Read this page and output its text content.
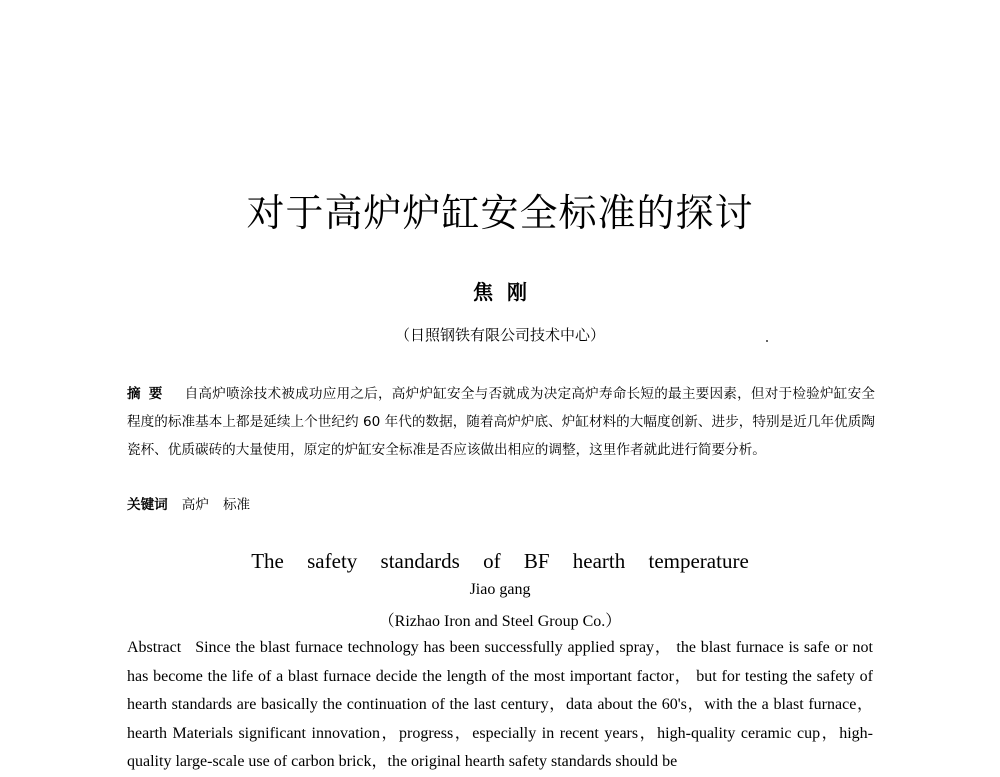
对于高炉炉缸安全标准的探讨
焦  刚
（日照钢铁有限公司技术中心）
摘要 自高炉喷涂技术被成功应用之后，高炉炉缸安全与否就成为决定高炉寿命长短的最主要因素，但对于检验炉缸安全程度的标准基本上都是延续上个世纪约 60 年代的数据，随着高炉炉底、炉缸材料的大幅度创新、进步，特别是近几年优质陶瓷杯、优质碳砖的大量使用，原定的炉缸安全标准是否应该做出相应的调整，这里作者就此进行简要分析。
关键词 高炉 标准
The safety standards of BF hearth temperature
Jiao gang
（Rizhao Iron and Steel Group Co.）
Abstract Since the blast furnace technology has been successfully applied spray， the blast furnace is safe or not has become the life of a blast furnace decide the length of the most important factor， but for testing the safety of hearth standards are basically the continuation of the last century，data about the 60's，with the a blast furnace，hearth Materials significant innovation，progress，especially in recent years，high-quality ceramic cup，high-quality large-scale use of carbon brick，the original hearth safety standards should be
